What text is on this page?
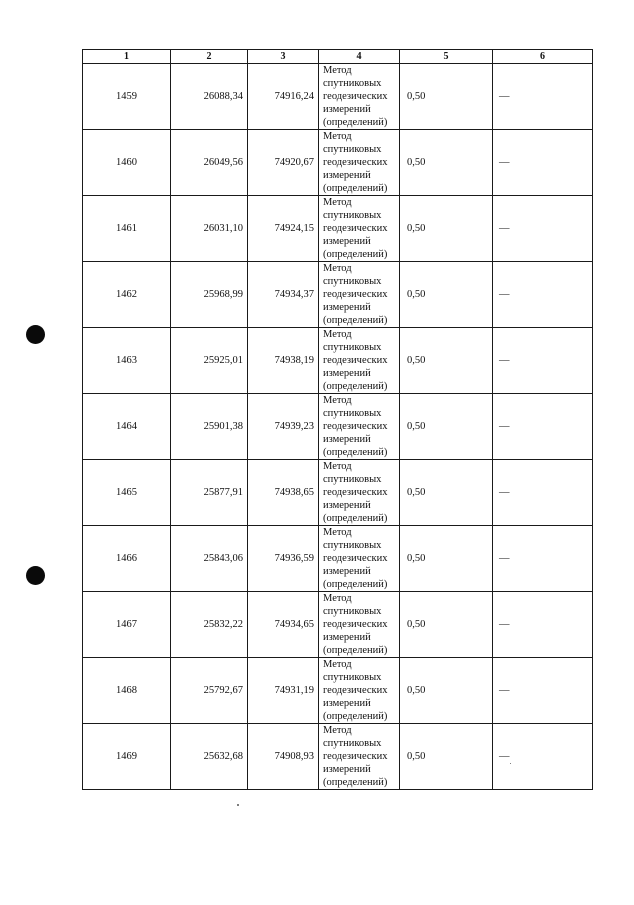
1	2	3	4	5	6
1459	26088,34	74916,24	Метод
спутниковых
геодезических
измерений
(определений)	0,50	—
1460	26049,56	74920,67	Метод
спутниковых
геодезических
измерений
(определений)	0,50	—
1461	26031,10	74924,15	Метод
спутниковых
геодезических
измерений
(определений)	0,50	—
1462	25968,99	74934,37	Метод
спутниковых
геодезических
измерений
(определений)	0,50	—
1463	25925,01	74938,19	Метод
спутниковых
геодезических
измерений
(определений)	0,50	—
1464	25901,38	74939,23	Метод
спутниковых
геодезических
измерений
(определений)	0,50	—
1465	25877,91	74938,65	Метод
спутниковых
геодезических
измерений
(определений)	0,50	—
1466	25843,06	74936,59	Метод
спутниковых
геодезических
измерений
(определений)	0,50	—
1467	25832,22	74934,65	Метод
спутниковых
геодезических
измерений
(определений)	0,50	—
1468	25792,67	74931,19	Метод
спутниковых
геодезических
измерений
(определений)	0,50	—
1469	25632,68	74908,93	Метод
спутниковых
геодезических
измерений
(определений)	0,50	—
